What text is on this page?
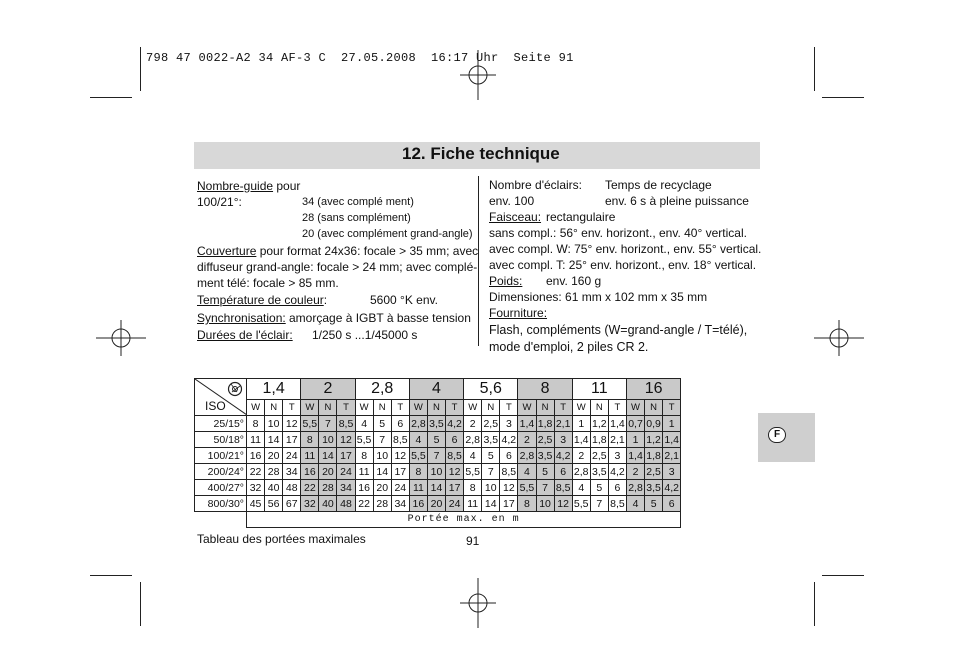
798 47 0022-A2 34 AF-3 C  27.05.2008  16:17 Uhr  Seite 91
12. Fiche technique
Nombre-guide pour
100/21°:	34 (avec complé ment)
28 (sans complément)
20 (avec complément grand-angle)
Couverture pour format 24x36: focale > 35 mm; avec
diffuseur grand-angle: focale > 24 mm; avec complé-
ment télé: focale > 85 mm.
Température de couleur:	5600 °K env.
Synchronisation: amorçage à IGBT à basse tension
Durées de l'éclair: 1/250 s ...1/45000 s
Nombre d'éclairs: Temps de recyclage
env. 100	env. 6 s à pleine puissance
Faisceau: rectangulaire
sans compl.: 56° env. horizont., env. 40° vertical.
avec compl. W: 75° env. horizont., env. 55° vertical.
avec compl. T: 25° env. horizont., env. 18° vertical.
Poids: env. 160 g
Dimensiones: 61 mm x 102 mm x 35 mm
Fourniture:
Flash, compléments (W=grand-angle / T=télé),
mode d'emploi, 2 piles CR 2.
ISO	1,4			2			2,8			4			5,6			8			11			16		
	W	N	T	W	N	T	W	N	T	W	N	T	W	N	T	W	N	T	W	N	T	W	N	T
25/15°	8	10	12	5,5	7	8,5	4	5	6	2,8	3,5	4,2	2	2,5	3	1,4	1,8	2,1	1	1,2	1,4	0,7	0,9	1
50/18°	11	14	17	8	10	12	5,5	7	8,5	4	5	6	2,8	3,5	4,2	2	2,5	3	1,4	1,8	2,1	1	1,2	1,4
100/21°	16	20	24	11	14	17	8	10	12	5,5	7	8,5	4	5	6	2,8	3,5	4,2	2	2,5	3	1,4	1,8	2,1
200/24°	22	28	34	16	20	24	11	14	17	8	10	12	5,5	7	8,5	4	5	6	2,8	3,5	4,2	2	2,5	3
400/27°	32	40	48	22	28	34	16	20	24	11	14	17	8	10	12	5,5	7	8,5	4	5	6	2,8	3,5	4,2
800/30°	45	56	67	32	40	48	22	28	34	16	20	24	11	14	17	8	10	12	5,5	7	8,5	4	5	6
	Portée max. en m																							
Tableau des portées maximales	91
F
